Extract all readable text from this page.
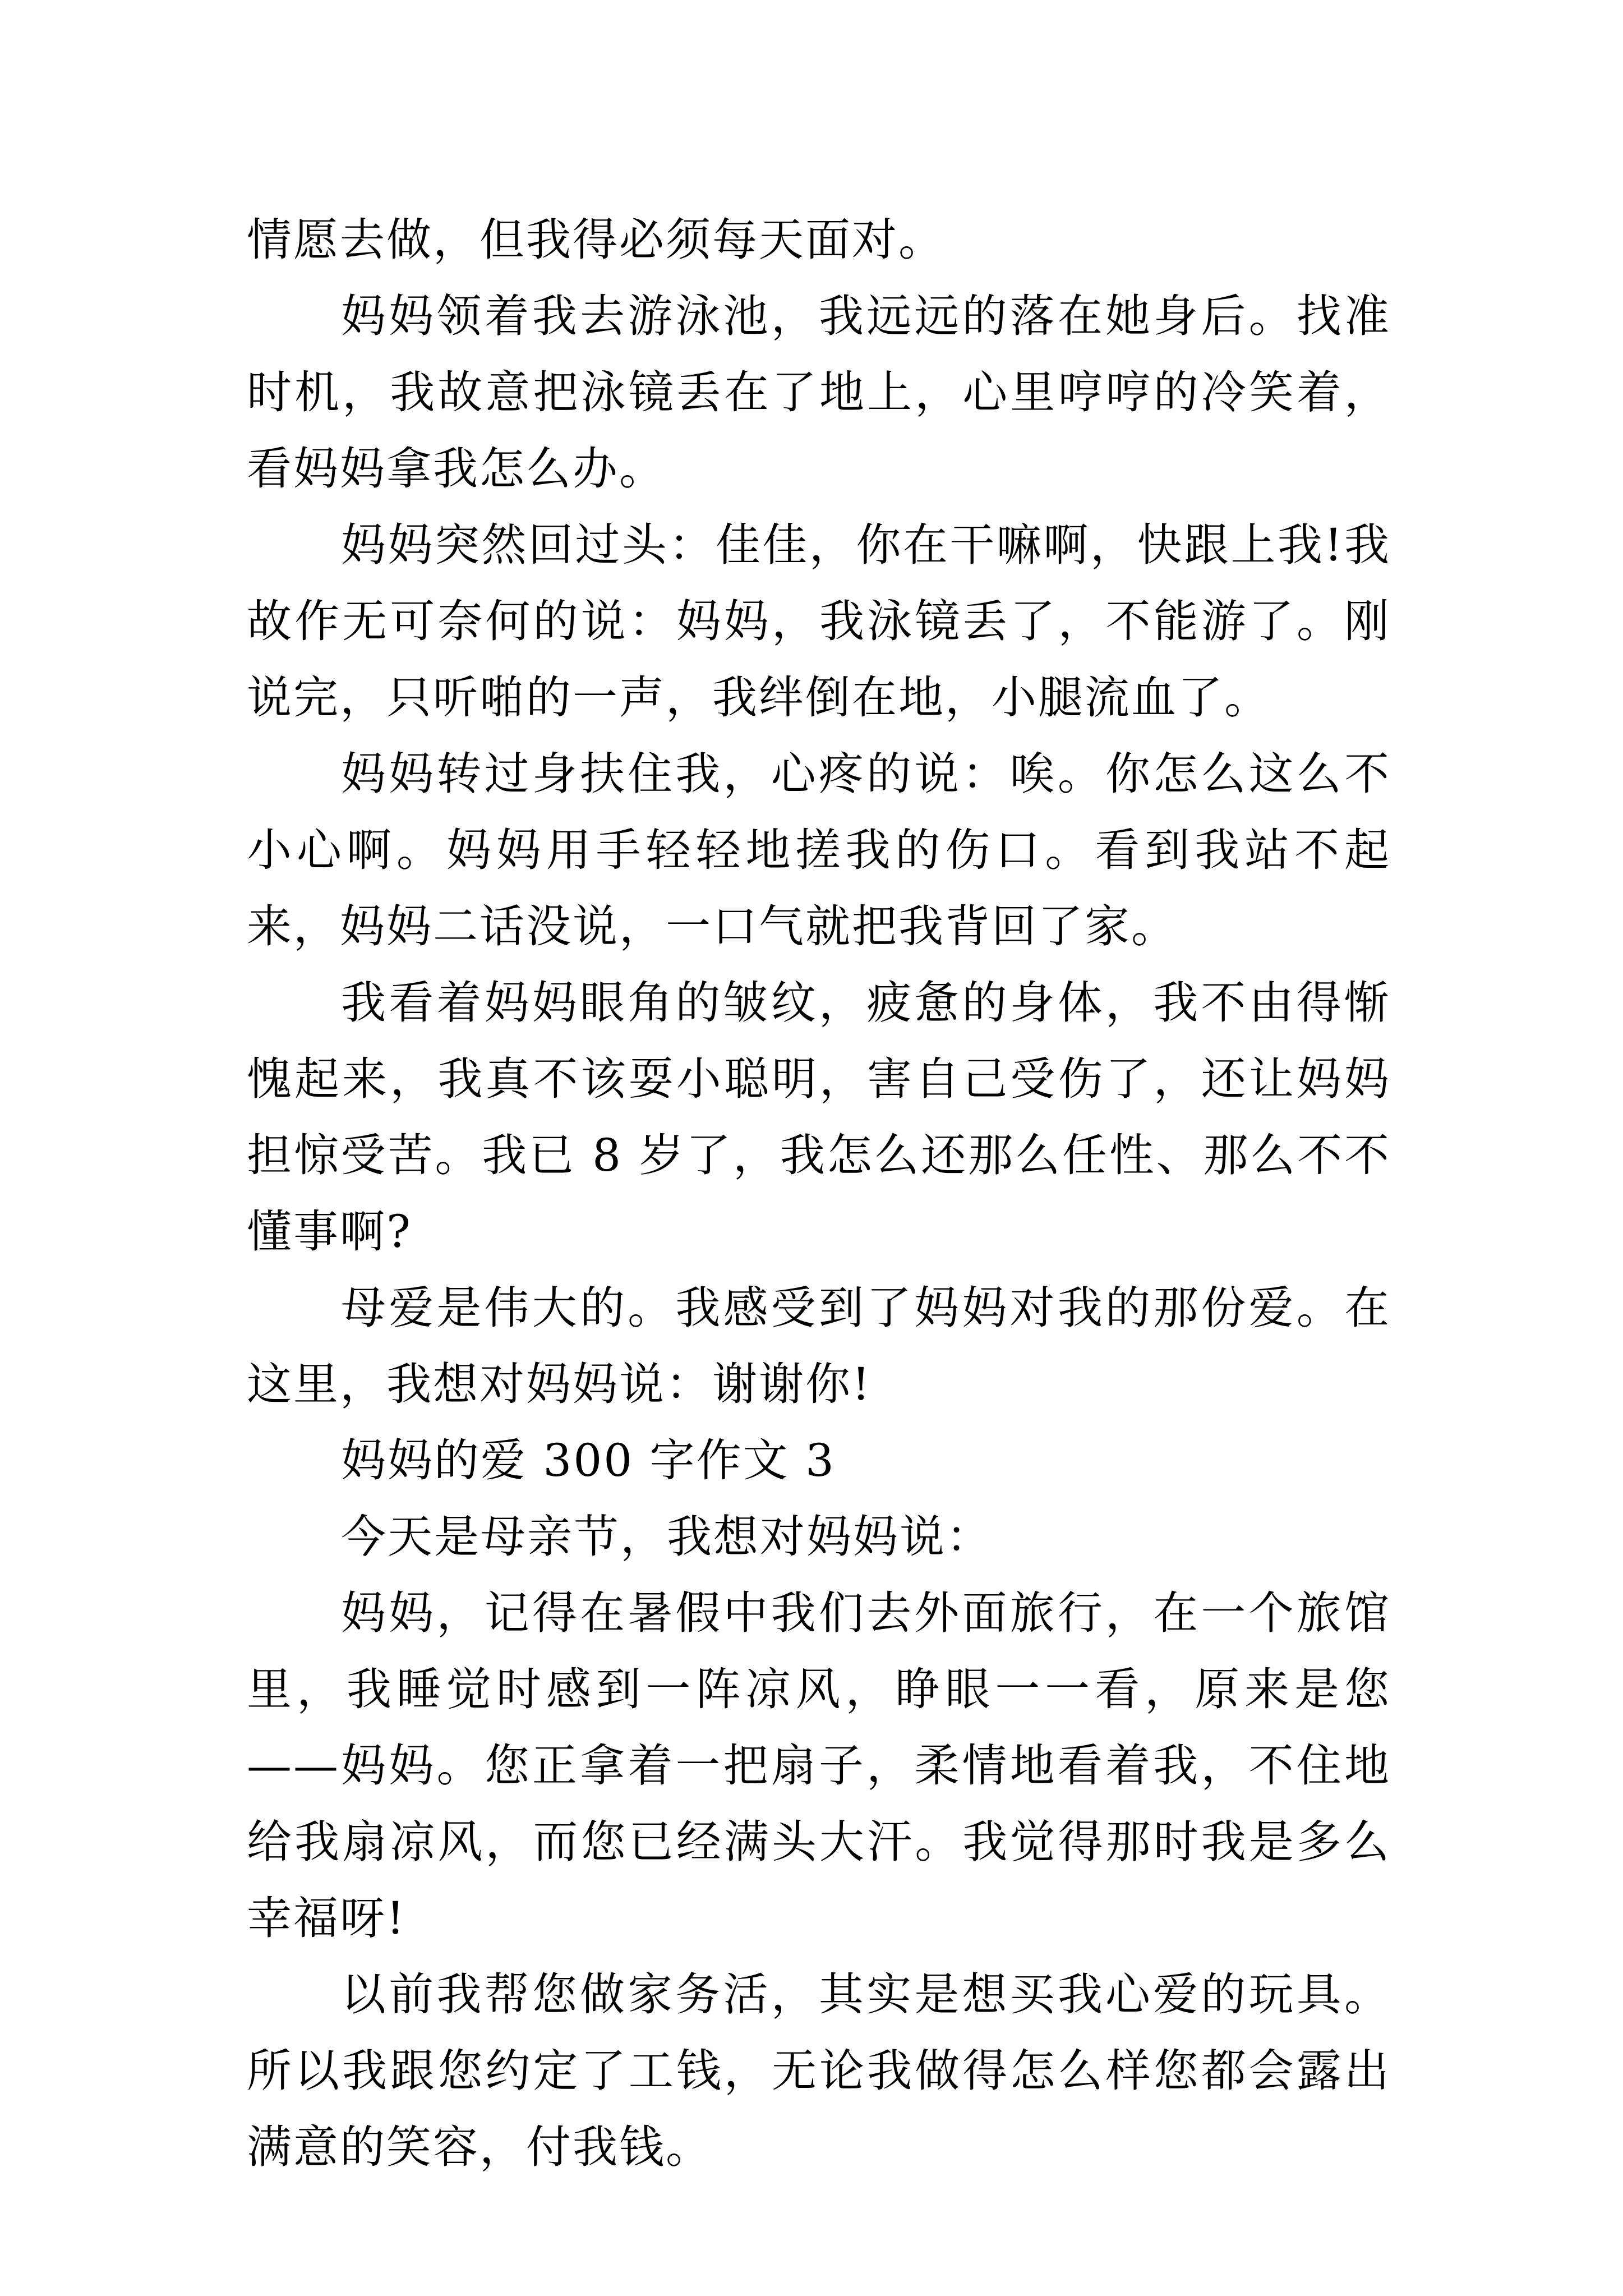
情愿去做，但我得必须每天面对。

妈妈领着我去游泳池，我远远的落在她身后。找准时机，我故意把泳镜丢在了地上，心里哼哼的冷笑着，看妈妈拿我怎么办。

妈妈突然回过头：佳佳，你在干嘛啊，快跟上我!我故作无可奈何的说：妈妈，我泳镜丢了，不能游了。刚说完，只听啪的一声，我绊倒在地，小腿流血了。

妈妈转过身扶住我，心疼的说：唉。你怎么这么不小心啊。妈妈用手轻轻地搓我的伤口。看到我站不起来，妈妈二话没说，一口气就把我背回了家。

我看着妈妈眼角的皱纹，疲惫的身体，我不由得惭愧起来，我真不该耍小聪明，害自己受伤了，还让妈妈担惊受苦。我已 8 岁了，我怎么还那么任性、那么不不懂事啊?

母爱是伟大的。我感受到了妈妈对我的那份爱。在这里，我想对妈妈说：谢谢你!

妈妈的爱 300 字作文 3

今天是母亲节，我想对妈妈说：

妈妈，记得在暑假中我们去外面旅行，在一个旅馆里，我睡觉时感到一阵凉风，睁眼一一看，原来是您——妈妈。您正拿着一把扇子，柔情地看着我，不住地给我扇凉风，而您已经满头大汗。我觉得那时我是多么幸福呀!

以前我帮您做家务活，其实是想买我心爱的玩具。所以我跟您约定了工钱，无论我做得怎么样您都会露出满意的笑容，付我钱。
